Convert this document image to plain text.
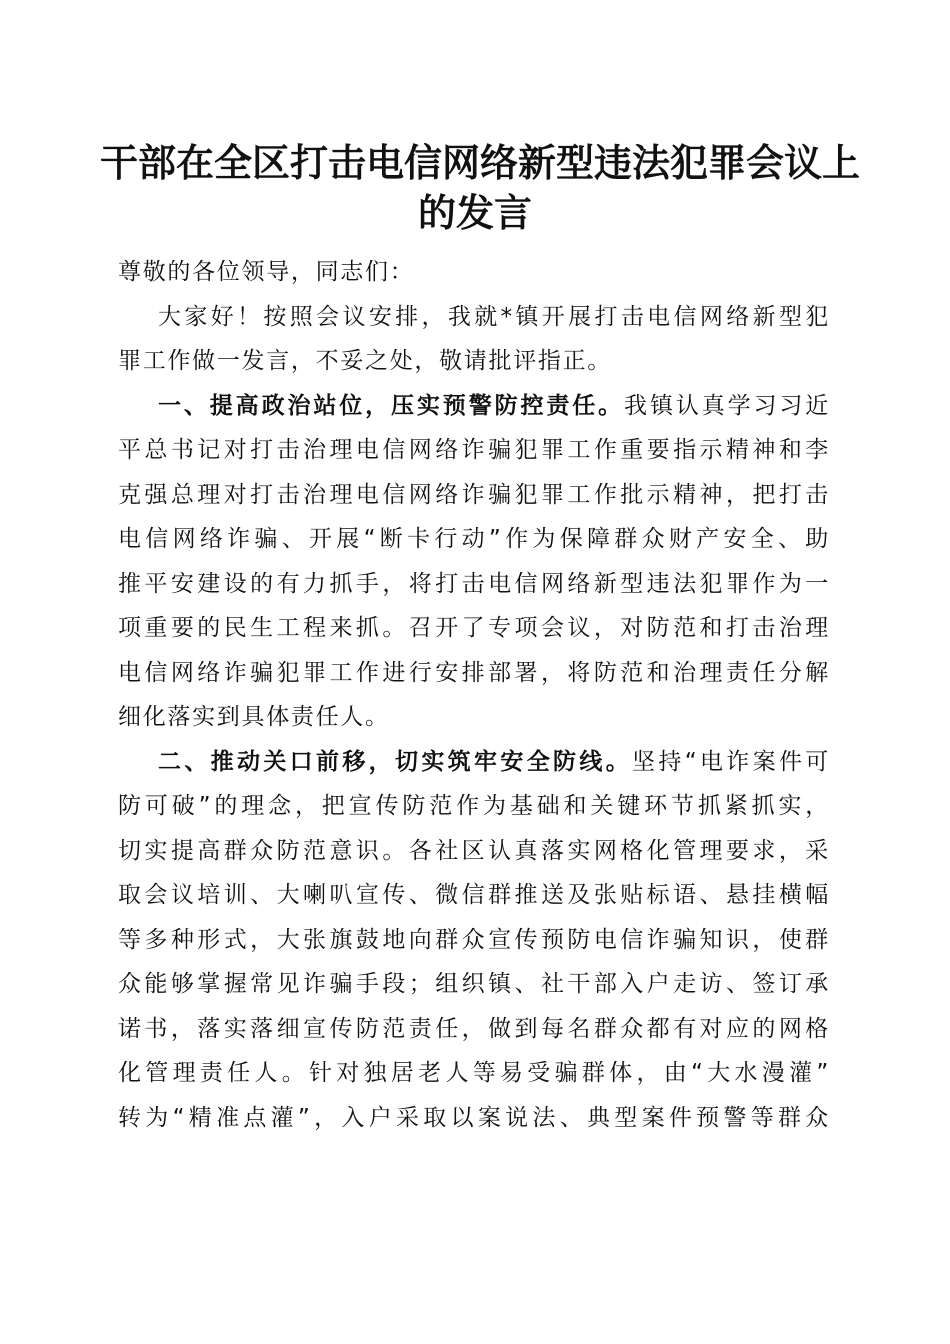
干部在全区打击电信网络新型违法犯罪会议上
的发言
尊敬的各位领导，同志们：
大家好！按照会议安排，我就*镇开展打击电信网络新型犯
罪工作做一发言，不妥之处，敬请批评指正。
一、提高政治站位，压实预警防控责任。我镇认真学习习近
平总书记对打击治理电信网络诈骗犯罪工作重要指示精神和李
克强总理对打击治理电信网络诈骗犯罪工作批示精神，把打击
电信网络诈骗、开展“断卡行动”作为保障群众财产安全、助
推平安建设的有力抓手，将打击电信网络新型违法犯罪作为一
项重要的民生工程来抓。召开了专项会议，对防范和打击治理
电信网络诈骗犯罪工作进行安排部署，将防范和治理责任分解
细化落实到具体责任人。
二、推动关口前移，切实筑牢安全防线。坚持“电诈案件可
防可破”的理念，把宣传防范作为基础和关键环节抓紧抓实，
切实提高群众防范意识。各社区认真落实网格化管理要求，采
取会议培训、大喇叭宣传、微信群推送及张贴标语、悬挂横幅
等多种形式，大张旗鼓地向群众宣传预防电信诈骗知识，使群
众能够掌握常见诈骗手段；组织镇、社干部入户走访、签订承
诺书，落实落细宣传防范责任，做到每名群众都有对应的网格
化管理责任人。针对独居老人等易受骗群体，由“大水漫灌”
转为“精准点灌”，入户采取以案说法、典型案件预警等群众
